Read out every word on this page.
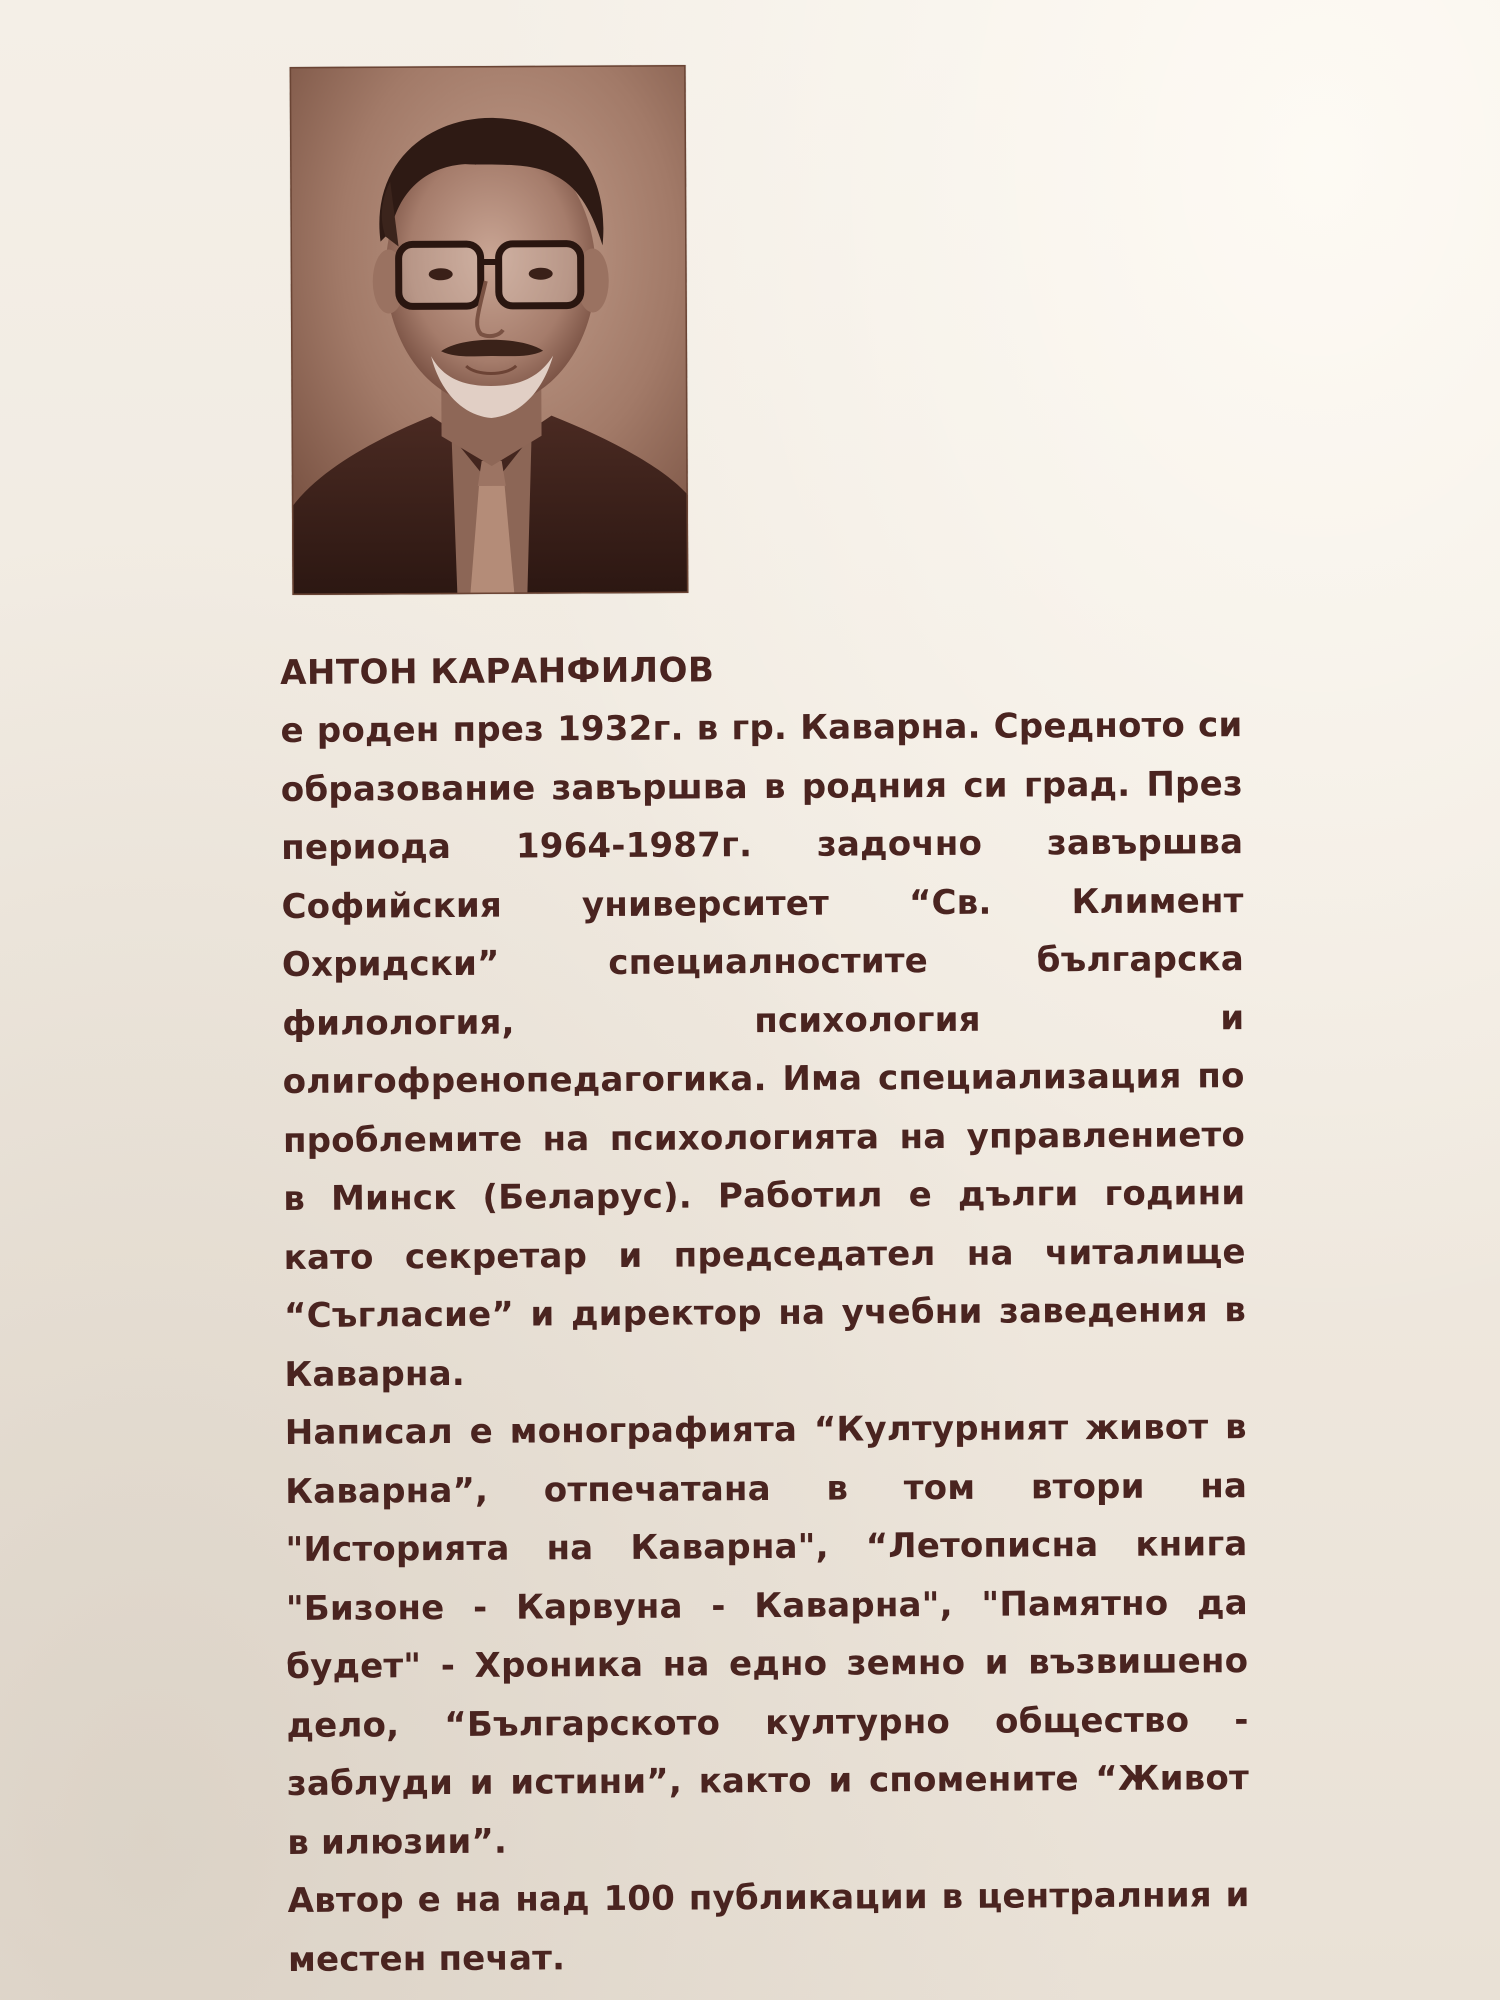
АНТОН КАРАНФИЛОВ

е роден през 1932г. в гр. Каварна. Средното си образование завършва в родния си град. През периода 1964-1987г. задочно завършва Софийския университет “Св. Климент Охридски” специалностите българска филология, психология и олигофренопедагогика. Има специализация по проблемите на психологията на управлението в Минск (Беларус). Работил е дълги години като секретар и председател на читалище “Съгласие” и директор на учебни заведения в Каварна.

Написал е монографията “Културният живот в Каварна”, отпечатана в том втори на "Историята на Каварна", “Летописна книга "Бизоне - Карвуна - Каварна", "Памятно да будет" - Хроника на едно земно и възвишено дело, “Българското културно общество - заблуди и истини”, както и спомените “Живот в илюзии”.

Автор е на над 100 публикации в централния и местен печат.
